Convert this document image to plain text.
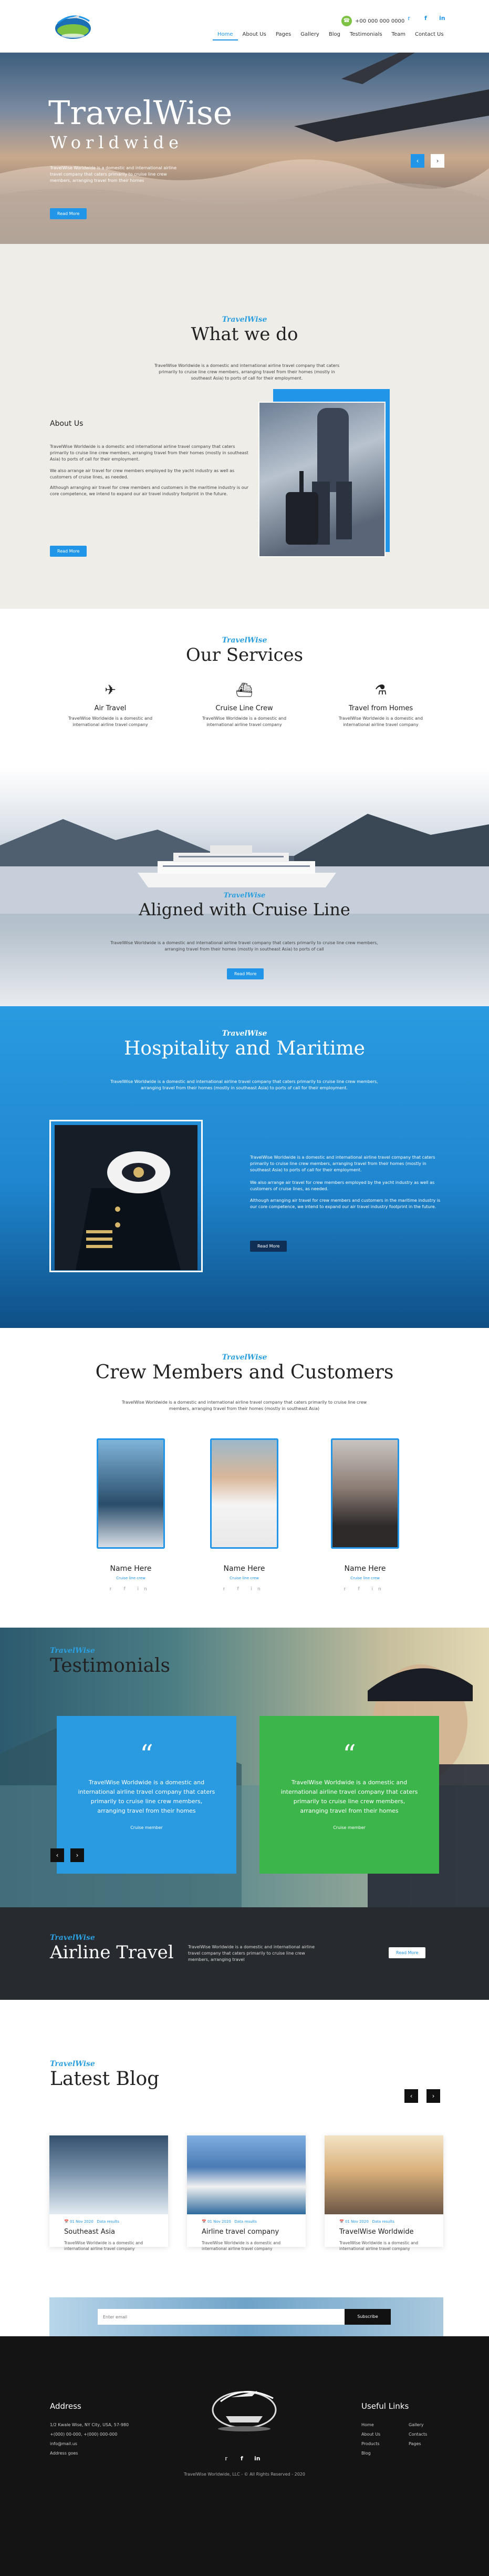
Home	About Us	Pages	Gallery	Blog	Testimonials	Team	Contact Us
☎ +00 000 000 0000 𝕣 f in
TravelWise
Worldwide
TravelWise Worldwide is a domestic and international airline travel company that caters primarily to cruise line crew members, arranging travel from their homes
Read More
‹	›
TravelWise
What we do
TravelWise Worldwide is a domestic and international airline travel company that caters primarily to cruise line crew members, arranging travel from their homes (mostly in southeast Asia) to ports of call for their employment.
About Us
TravelWise Worldwide is a domestic and international airline travel company that caters primarily to cruise line crew members, arranging travel from their homes (mostly in southeast Asia) to ports of call for their employment.
We also arrange air travel for crew members employed by the yacht industry as well as customers of cruise lines, as needed.
Although arranging air travel for crew members and customers in the maritime industry is our core competence, we intend to expand our air travel industry footprint in the future.
Read More
TravelWise
Our Services
✈
Air Travel
TravelWise Worldwide is a domestic and international airline travel company
⛴
Cruise Line Crew
TravelWise Worldwide is a domestic and international airline travel company
⚗
Travel from Homes
TravelWise Worldwide is a domestic and international airline travel company
TravelWise
Aligned with Cruise Line
TravelWise Worldwide is a domestic and international airline travel company that caters primarily to cruise line crew members, arranging travel from their homes (mostly in southeast Asia) to ports of call
Read More
TravelWise
Hospitality and Maritime
TravelWise Worldwide is a domestic and international airline travel company that caters primarily to cruise line crew members, arranging travel from their homes (mostly in southeast Asia) to ports of call for their employment.
TravelWise Worldwide is a domestic and international airline travel company that caters primarily to cruise line crew members, arranging travel from their homes (mostly in southeast Asia) to ports of call for their employment.
We also arrange air travel for crew members employed by the yacht industry as well as customers of cruise lines, as needed.
Although arranging air travel for crew members and customers in the maritime industry is our core competence, we intend to expand our air travel industry footprint in the future.
Read More
TravelWise
Crew Members and Customers
TravelWise Worldwide is a domestic and international airline travel company that caters primarily to cruise line crew members, arranging travel from their homes (mostly in southeast Asia)
Name Here
Cruise line crew
𝕣 f in
Name Here
Cruise line crew
𝕣 f in
Name Here
Cruise line crew
𝕣 f in
TravelWise
Testimonials
“
TravelWise Worldwide is a domestic and international airline travel company that caters primarily to cruise line crew members, arranging travel from their homes
Cruise member
“
TravelWise Worldwide is a domestic and international airline travel company that caters primarily to cruise line crew members, arranging travel from their homes
Cruise member
‹	›
TravelWise
Airline Travel	TravelWise Worldwide is a domestic and international airline travel company that caters primarily to cruise line crew members, arranging travel
Read More
TravelWise
Latest Blog
‹	›
📅 01 Nov 2020 Data results
Southeast Asia
TravelWise Worldwide is a domestic and international airline travel company
📅 01 Nov 2020 Data results
Airline travel company
TravelWise Worldwide is a domestic and international airline travel company
📅 01 Nov 2020 Data results
TravelWise Worldwide
TravelWise Worldwide is a domestic and international airline travel company
Enter email
Subscribe
Address
1/2 Kwale Wise, NY City, USA, 57-980
+(000) 00-000, +(000) 000-000
info@mail.us
Address goes
𝕣 f in
Useful Links
Home
About Us
Products
Blog
Gallery
Contacts
Pages
TravelWise Worldwide, LLC - © All Rights Reserved - 2020
